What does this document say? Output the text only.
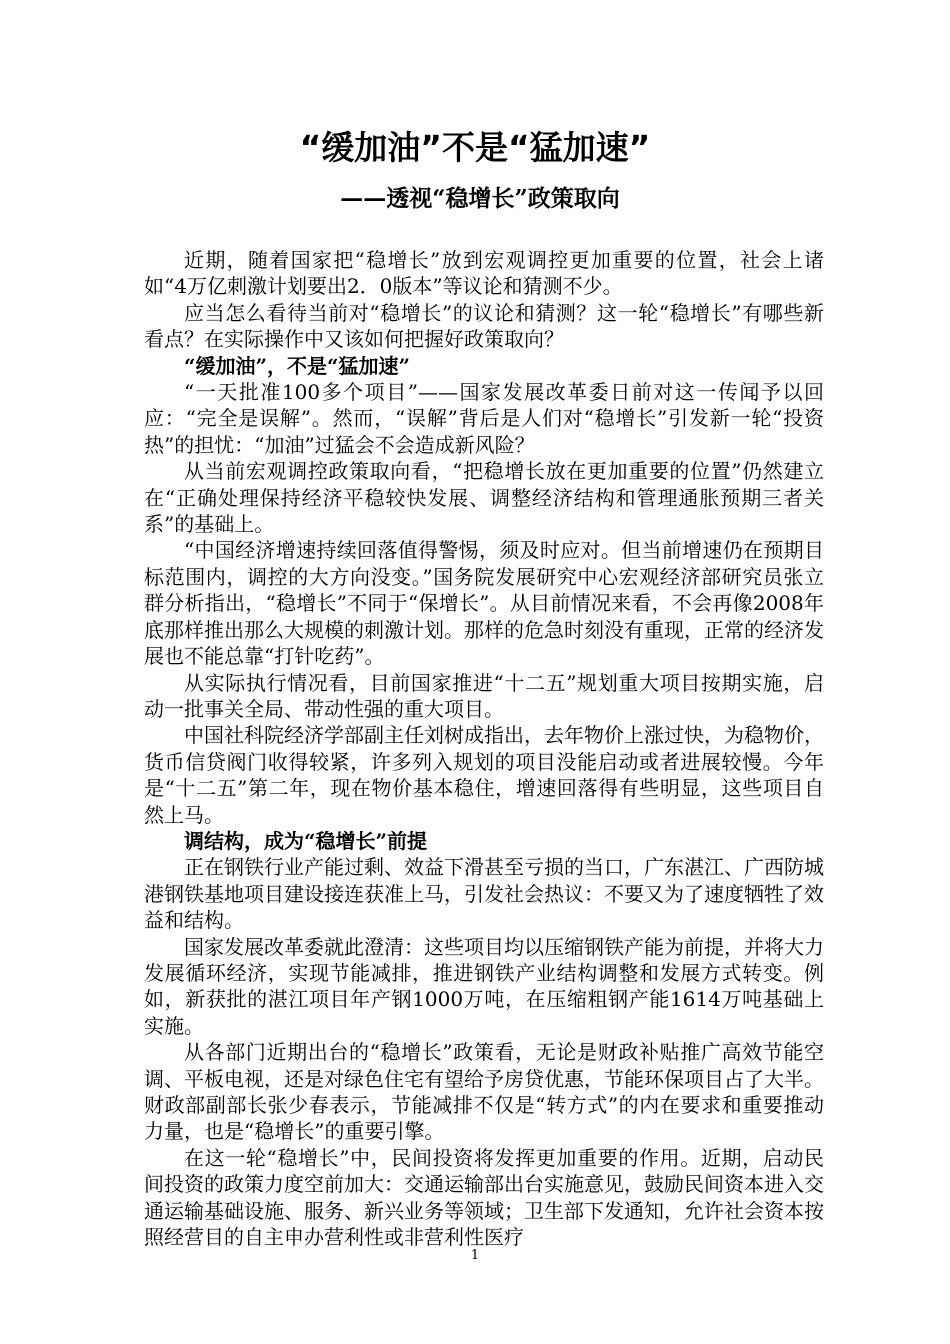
“缓加油”不是“猛加速”
——透视“稳增长”政策取向

近期，随着国家把“稳增长”放到宏观调控更加重要的位置，社会上诸如“4万亿刺激计划要出2．0版本”等议论和猜测不少。

应当怎么看待当前对“稳增长”的议论和猜测？这一轮“稳增长”有哪些新看点？在实际操作中又该如何把握好政策取向？

“缓加油”，不是“猛加速”

“一天批准100多个项目”——国家发展改革委日前对这一传闻予以回应：“完全是误解”。然而，“误解”背后是人们对“稳增长”引发新一轮“投资热”的担忧：“加油”过猛会不会造成新风险？

从当前宏观调控政策取向看，“把稳增长放在更加重要的位置”仍然建立在“正确处理保持经济平稳较快发展、调整经济结构和管理通胀预期三者关系”的基础上。

“中国经济增速持续回落值得警惕，须及时应对。但当前增速仍在预期目标范围内，调控的大方向没变。”国务院发展研究中心宏观经济部研究员张立群分析指出，“稳增长”不同于“保增长”。从目前情况来看，不会再像2008年底那样推出那么大规模的刺激计划。那样的危急时刻没有重现，正常的经济发展也不能总靠“打针吃药”。

从实际执行情况看，目前国家推进“十二五”规划重大项目按期实施，启动一批事关全局、带动性强的重大项目。

中国社科院经济学部副主任刘树成指出，去年物价上涨过快，为稳物价，货币信贷阀门收得较紧，许多列入规划的项目没能启动或者进展较慢。今年是“十二五”第二年，现在物价基本稳住，增速回落得有些明显，这些项目自然上马。

调结构，成为“稳增长”前提

正在钢铁行业产能过剩、效益下滑甚至亏损的当口，广东湛江、广西防城港钢铁基地项目建设接连获准上马，引发社会热议：不要又为了速度牺牲了效益和结构。

国家发展改革委就此澄清：这些项目均以压缩钢铁产能为前提，并将大力发展循环经济，实现节能减排，推进钢铁产业结构调整和发展方式转变。例如，新获批的湛江项目年产钢1000万吨，在压缩粗钢产能1614万吨基础上实施。

从各部门近期出台的“稳增长”政策看，无论是财政补贴推广高效节能空调、平板电视，还是对绿色住宅有望给予房贷优惠，节能环保项目占了大半。财政部副部长张少春表示，节能减排不仅是“转方式”的内在要求和重要推动力量，也是“稳增长”的重要引擎。

在这一轮“稳增长”中，民间投资将发挥更加重要的作用。近期，启动民间投资的政策力度空前加大：交通运输部出台实施意见，鼓励民间资本进入交通运输基础设施、服务、新兴业务等领域；卫生部下发通知，允许社会资本按照经营目的自主申办营利性或非营利性医疗

1
